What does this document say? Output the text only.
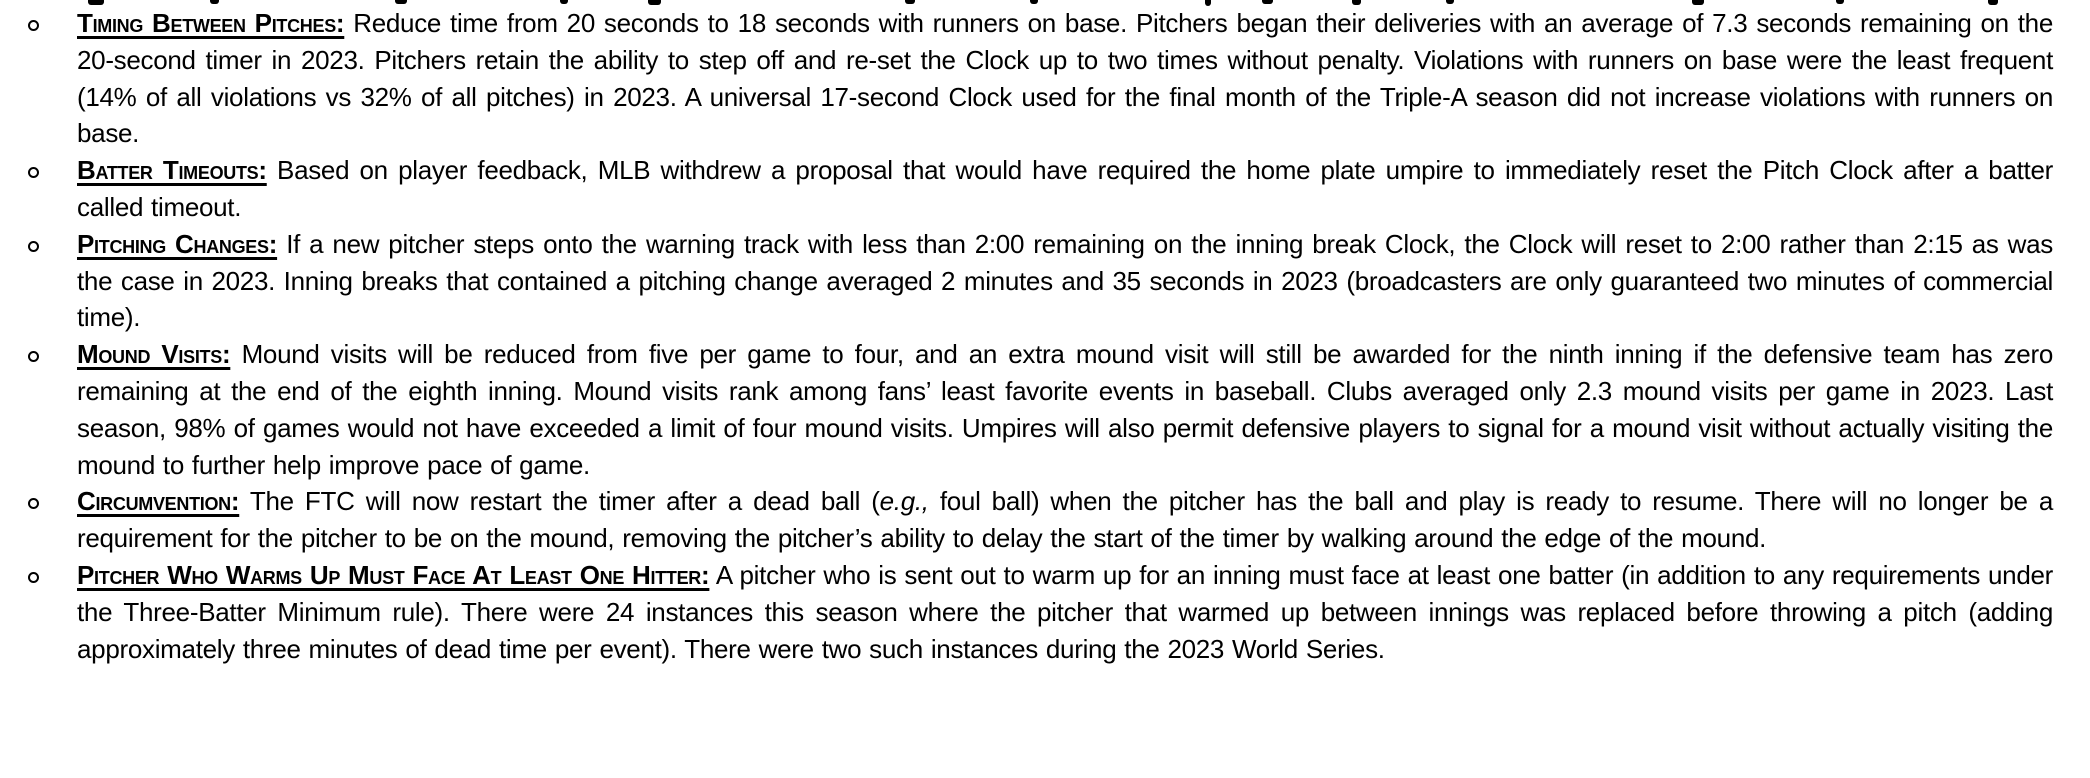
Timing Between Pitches: Reduce time from 20 seconds to 18 seconds with runners on base. Pitchers began their deliveries with an average of 7.3 seconds remaining on the 20-second timer in 2023. Pitchers retain the ability to step off and re-set the Clock up to two times without penalty. Violations with runners on base were the least frequent (14% of all violations vs 32% of all pitches) in 2023. A universal 17-second Clock used for the final month of the Triple-A season did not increase violations with runners on base.
Batter Timeouts: Based on player feedback, MLB withdrew a proposal that would have required the home plate umpire to immediately reset the Pitch Clock after a batter called timeout.
Pitching Changes: If a new pitcher steps onto the warning track with less than 2:00 remaining on the inning break Clock, the Clock will reset to 2:00 rather than 2:15 as was the case in 2023. Inning breaks that contained a pitching change averaged 2 minutes and 35 seconds in 2023 (broadcasters are only guaranteed two minutes of commercial time).
Mound Visits: Mound visits will be reduced from five per game to four, and an extra mound visit will still be awarded for the ninth inning if the defensive team has zero remaining at the end of the eighth inning. Mound visits rank among fans’ least favorite events in baseball. Clubs averaged only 2.3 mound visits per game in 2023. Last season, 98% of games would not have exceeded a limit of four mound visits. Umpires will also permit defensive players to signal for a mound visit without actually visiting the mound to further help improve pace of game.
Circumvention: The FTC will now restart the timer after a dead ball (e.g., foul ball) when the pitcher has the ball and play is ready to resume. There will no longer be a requirement for the pitcher to be on the mound, removing the pitcher’s ability to delay the start of the timer by walking around the edge of the mound.
Pitcher Who Warms Up Must Face At Least One Hitter: A pitcher who is sent out to warm up for an inning must face at least one batter (in addition to any requirements under the Three-Batter Minimum rule). There were 24 instances this season where the pitcher that warmed up between innings was replaced before throwing a pitch (adding approximately three minutes of dead time per event). There were two such instances during the 2023 World Series.
